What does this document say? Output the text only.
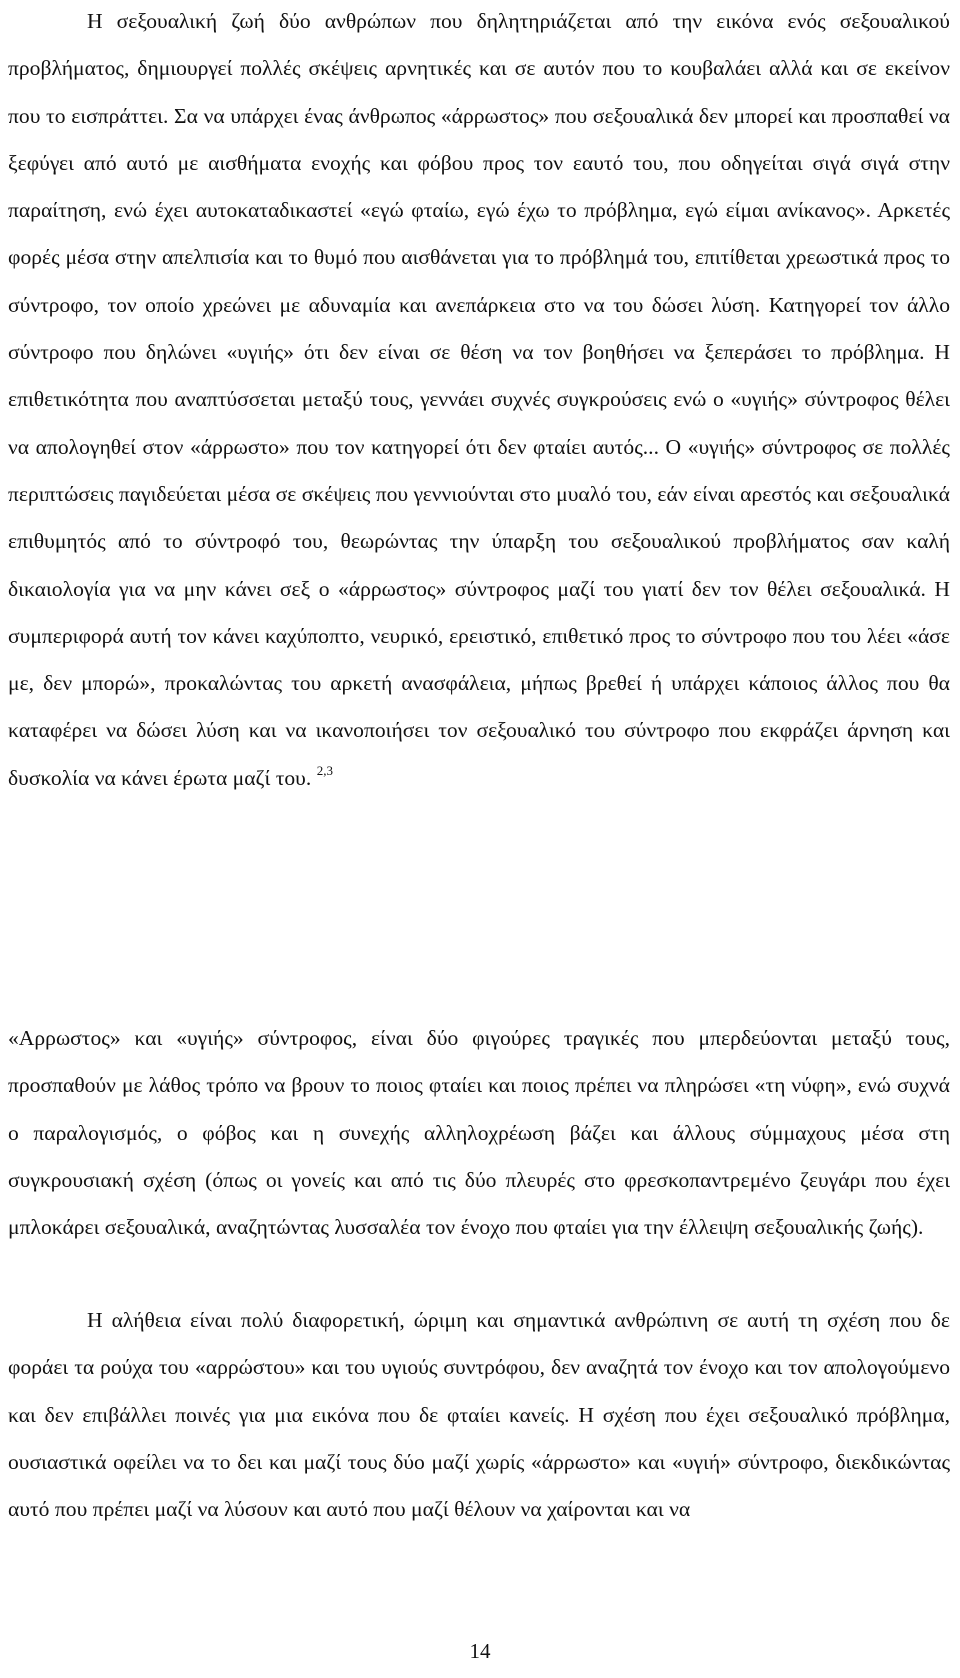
Η σεξουαλική ζωή δύο ανθρώπων που δηλητηριάζεται από την εικόνα ενός σεξουαλικού προβλήματος, δημιουργεί πολλές σκέψεις αρνητικές και σε αυτόν που το κουβαλάει αλλά και σε εκείνον που το εισπράττει. Σα να υπάρχει ένας άνθρωπος «άρρωστος» που σεξουαλικά δεν μπορεί και προσπαθεί να ξεφύγει από αυτό με αισθήματα ενοχής και φόβου προς τον εαυτό του, που οδηγείται σιγά σιγά στην παραίτηση, ενώ έχει αυτοκαταδικαστεί «εγώ φταίω, εγώ έχω το πρόβλημα, εγώ είμαι ανίκανος». Αρκετές φορές μέσα στην απελπισία και το θυμό που αισθάνεται για το πρόβλημά του, επιτίθεται χρεωστικά προς το σύντροφο, τον οποίο χρεώνει με αδυναμία και ανεπάρκεια στο να του δώσει λύση. Κατηγορεί τον άλλο σύντροφο που δηλώνει «υγιής» ότι δεν είναι σε θέση να τον βοηθήσει να ξεπεράσει το πρόβλημα. Η επιθετικότητα που αναπτύσσεται μεταξύ τους, γεννάει συχνές συγκρούσεις ενώ ο «υγιής» σύντροφος θέλει να απολογηθεί στον «άρρωστο» που τον κατηγορεί ότι δεν φταίει αυτός... Ο «υγιής» σύντροφος σε πολλές περιπτώσεις παγιδεύεται μέσα σε σκέψεις που γεννιούνται στο μυαλό του, εάν είναι αρεστός και σεξουαλικά επιθυμητός από το σύντροφό του, θεωρώντας την ύπαρξη του σεξουαλικού προβλήματος σαν καλή δικαιολογία για να μην κάνει σεξ ο «άρρωστος» σύντροφος μαζί του γιατί δεν τον θέλει σεξουαλικά. Η συμπεριφορά αυτή τον κάνει καχύποπτο, νευρικό, ερειστικό, επιθετικό προς το σύντροφο που του λέει «άσε με, δεν μπορώ», προκαλώντας του αρκετή ανασφάλεια, μήπως βρεθεί ή υπάρχει κάποιος άλλος που θα καταφέρει να δώσει λύση και να ικανοποιήσει τον σεξουαλικό του σύντροφο που εκφράζει άρνηση και δυσκολία να κάνει έρωτα μαζί του. $^{2,3}$

«Αρρωστος» και «υγιής» σύντροφος, είναι δύο φιγούρες τραγικές που μπερδεύονται μεταξύ τους, προσπαθούν με λάθος τρόπο να βρουν το ποιος φταίει και ποιος πρέπει να πληρώσει «τη νύφη», ενώ συχνά ο παραλογισμός, ο φόβος και η συνεχής αλληλοχρέωση βάζει και άλλους σύμμαχους μέσα στη συγκρουσιακή σχέση (όπως οι γονείς και από τις δύο πλευρές στο φρεσκοπαντρεμένο ζευγάρι που έχει μπλοκάρει σεξουαλικά, αναζητώντας λυσσαλέα τον ένοχο που φταίει για την έλλειψη σεξουαλικής ζωής).

Η αλήθεια είναι πολύ διαφορετική, ώριμη και σημαντικά ανθρώπινη σε αυτή τη σχέση που δε φοράει τα ρούχα του «αρρώστου» και του υγιούς συντρόφου, δεν αναζητά τον ένοχο και τον απολογούμενο και δεν επιβάλλει ποινές για μια εικόνα που δε φταίει κανείς. Η σχέση που έχει σεξουαλικό πρόβλημα, ουσιαστικά οφείλει να το δει και μαζί τους δύο μαζί χωρίς «άρρωστο» και «υγιή» σύντροφο, διεκδικώντας αυτό που πρέπει μαζί να λύσουν και αυτό που μαζί θέλουν να χαίρονται και να

14
